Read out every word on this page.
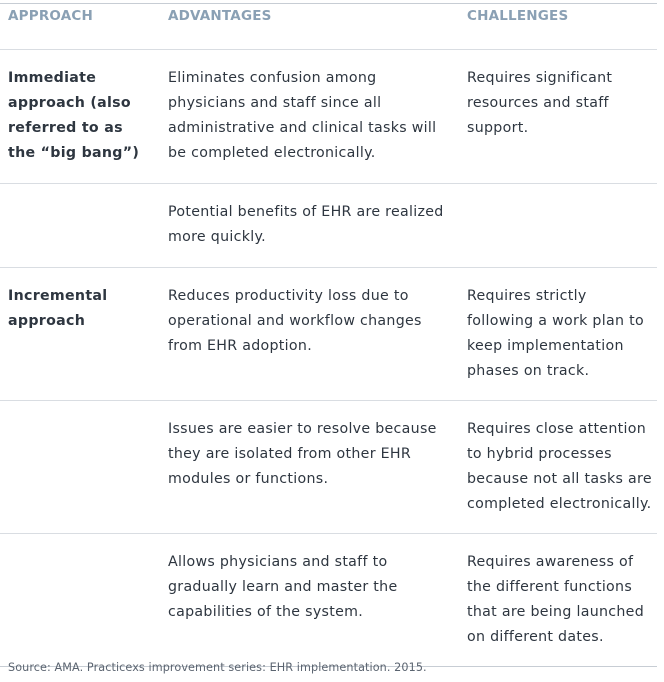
APPROACH	ADVANTAGES	CHALLENGES

Immediate approach (also referred to as the “big bang”)	Eliminates confusion among physicians and staff since all administrative and clinical tasks will be completed electronically.	Requires significant resources and staff support.

	Potential benefits of EHR are realized more quickly.	

Incremental approach	Reduces productivity loss due to operational and workflow changes from EHR adoption.	Requires strictly following a work plan to keep implementation phases on track.

	Issues are easier to resolve because they are isolated from other EHR modules or functions.	Requires close attention to hybrid processes because not all tasks are completed electronically.

	Allows physicians and staff to gradually learn and master the capabilities of the system.	Requires awareness of the different functions that are being launched on different dates.
Source: AMA. Practicexs improvement series: EHR implementation. 2015.
